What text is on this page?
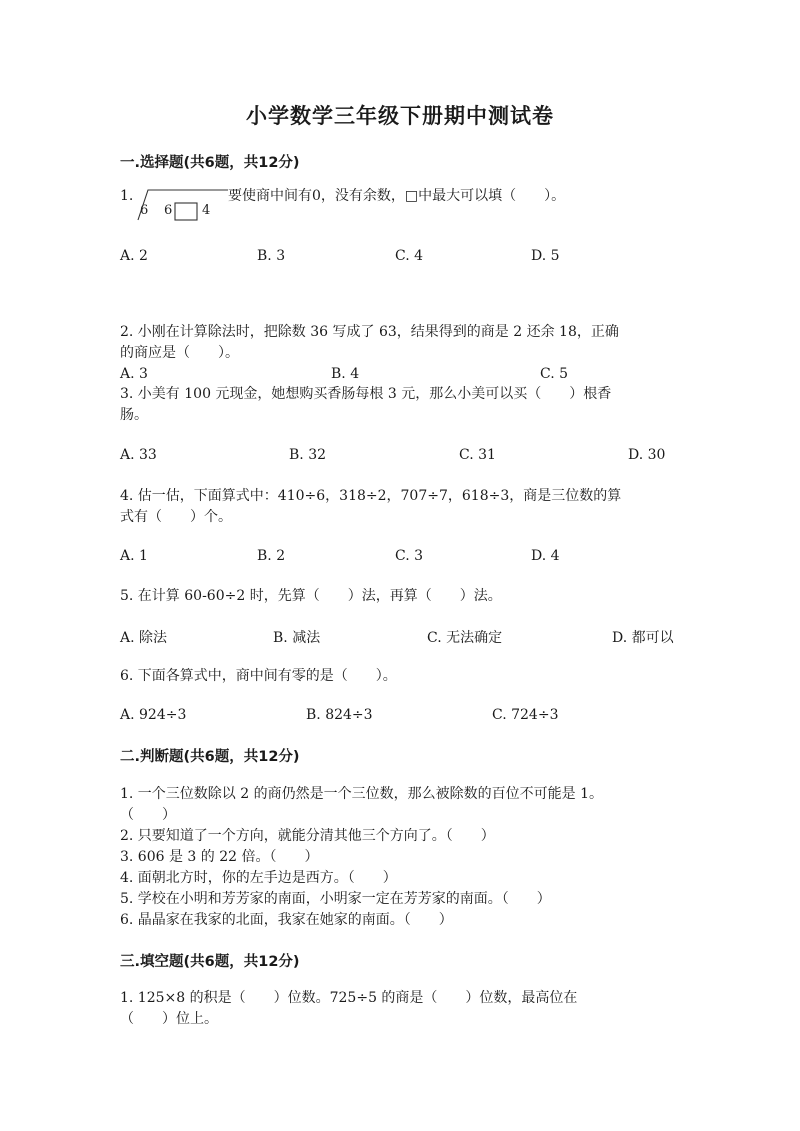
小学数学三年级下册期中测试卷
一.选择题(共6题，共12分)
1.
6 6 4
要使商中间有0，没有余数，□中最大可以填（　　）。
A. 2	B. 3	C. 4	D. 5
2. 小刚在计算除法时，把除数 36 写成了 63，结果得到的商是 2 还余 18，正确
的商应是（　　）。
A. 3	B. 4	C. 5
3. 小美有 100 元现金，她想购买香肠每根 3 元，那么小美可以买（　　）根香
肠。
A. 33	B. 32	C. 31	D. 30
4. 估一估，下面算式中：410÷6，318÷2，707÷7，618÷3，商是三位数的算
式有（　　）个。
A. 1	B. 2	C. 3	D. 4
5. 在计算 60-60÷2 时，先算（　　）法，再算（　　）法。
A. 除法	B. 减法	C. 无法确定	D. 都可以
6. 下面各算式中，商中间有零的是（　　）。
A. 924÷3	B. 824÷3	C. 724÷3
二.判断题(共6题，共12分)
1. 一个三位数除以 2 的商仍然是一个三位数，那么被除数的百位不可能是 1。
（　　）
2. 只要知道了一个方向，就能分清其他三个方向了。（　　）
3. 606 是 3 的 22 倍。（　　）
4. 面朝北方时，你的左手边是西方。（　　）
5. 学校在小明和芳芳家的南面，小明家一定在芳芳家的南面。（　　）
6. 晶晶家在我家的北面，我家在她家的南面。（　　）
三.填空题(共6题，共12分)
1. 125×8 的积是（　　）位数。725÷5 的商是（　　）位数，最高位在
（　　）位上。
